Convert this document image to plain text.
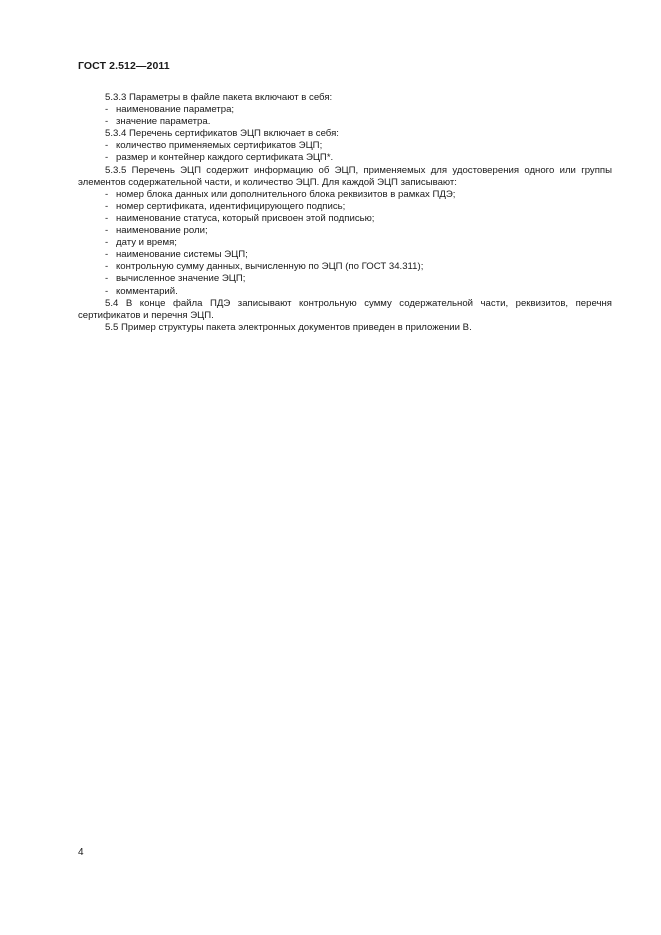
ГОСТ 2.512—2011

5.3.3 Параметры в файле пакета включают в себя:

- наименование параметра;

- значение параметра.

5.3.4 Перечень сертификатов ЭЦП включает в себя:

- количество применяемых сертификатов ЭЦП;

- размер и контейнер каждого сертификата ЭЦП*.

5.3.5 Перечень ЭЦП содержит информацию об ЭЦП, применяемых для удостоверения одного или группы элементов содержательной части, и количество ЭЦП. Для каждой ЭЦП записывают:

- номер блока данных или дополнительного блока реквизитов в рамках ПДЭ;

- номер сертификата, идентифицирующего подпись;

- наименование статуса, который присвоен этой подписью;

- наименование роли;

- дату и время;

- наименование системы ЭЦП;

- контрольную сумму данных, вычисленную по ЭЦП (по ГОСТ 34.311);

- вычисленное значение ЭЦП;

- комментарий.

5.4 В конце файла ПДЭ записывают контрольную сумму содержательной части, реквизитов, перечня сертификатов и перечня ЭЦП.

5.5 Пример структуры пакета электронных документов приведен в приложении В.

4
